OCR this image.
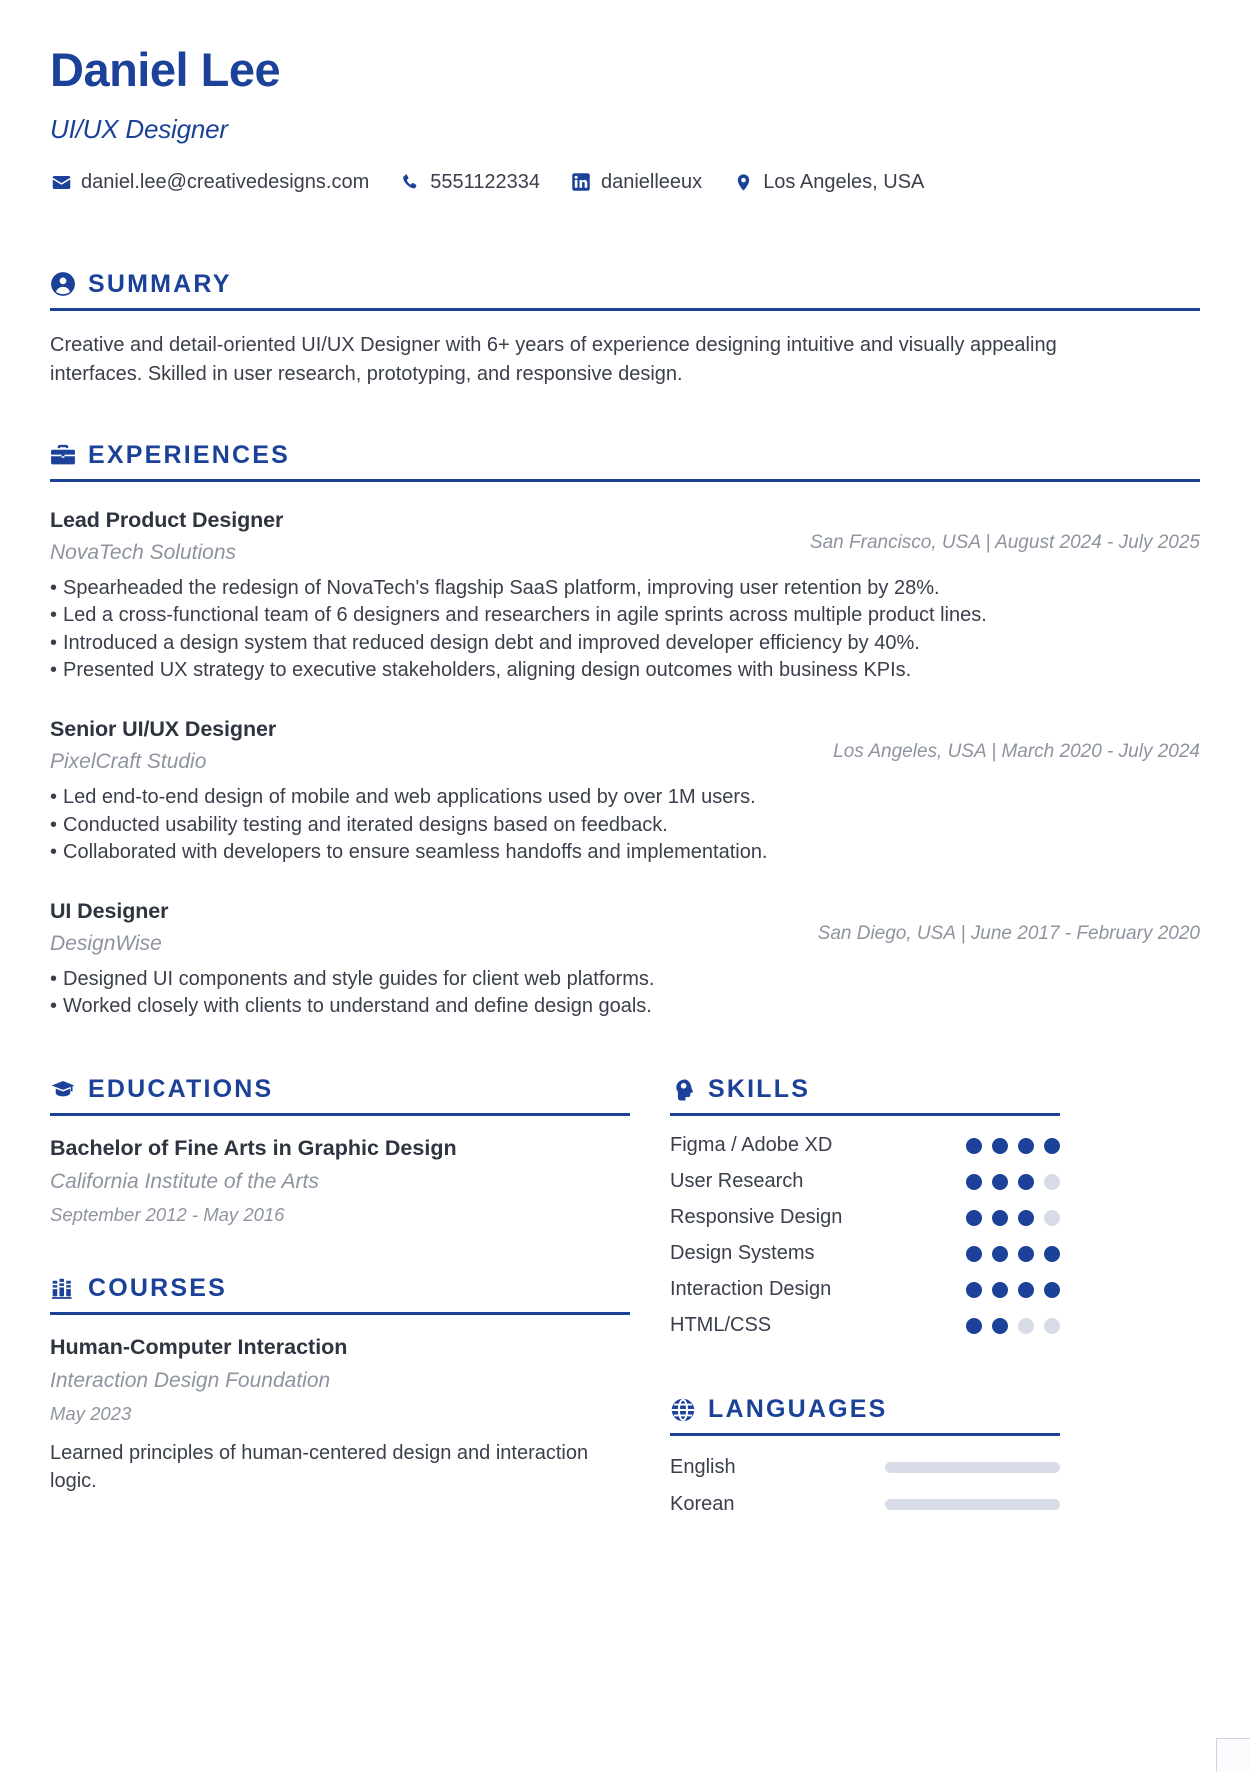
Daniel Lee
UI/UX Designer
daniel.lee@creativedesigns.com	5551122334	danielleeux	Los Angeles, USA
SUMMARY
Creative and detail-oriented UI/UX Designer with 6+ years of experience designing intuitive and visually appealing interfaces. Skilled in user research, prototyping, and responsive design.
EXPERIENCES
Lead Product Designer
NovaTech Solutions	San Francisco, USA | August 2024 - July 2025
• Spearheaded the redesign of NovaTech's flagship SaaS platform, improving user retention by 28%.
• Led a cross-functional team of 6 designers and researchers in agile sprints across multiple product lines.
• Introduced a design system that reduced design debt and improved developer efficiency by 40%.
• Presented UX strategy to executive stakeholders, aligning design outcomes with business KPIs.
Senior UI/UX Designer
PixelCraft Studio	Los Angeles, USA | March 2020 - July 2024
• Led end-to-end design of mobile and web applications used by over 1M users.
• Conducted usability testing and iterated designs based on feedback.
• Collaborated with developers to ensure seamless handoffs and implementation.
UI Designer
DesignWise	San Diego, USA | June 2017 - February 2020
• Designed UI components and style guides for client web platforms.
• Worked closely with clients to understand and define design goals.
EDUCATIONS
Bachelor of Fine Arts in Graphic Design
California Institute of the Arts
September 2012 - May 2016
COURSES
Human-Computer Interaction
Interaction Design Foundation
May 2023
Learned principles of human-centered design and interaction logic.
SKILLS
Figma / Adobe XD
User Research
Responsive Design
Design Systems
Interaction Design
HTML/CSS
LANGUAGES
English
Korean
